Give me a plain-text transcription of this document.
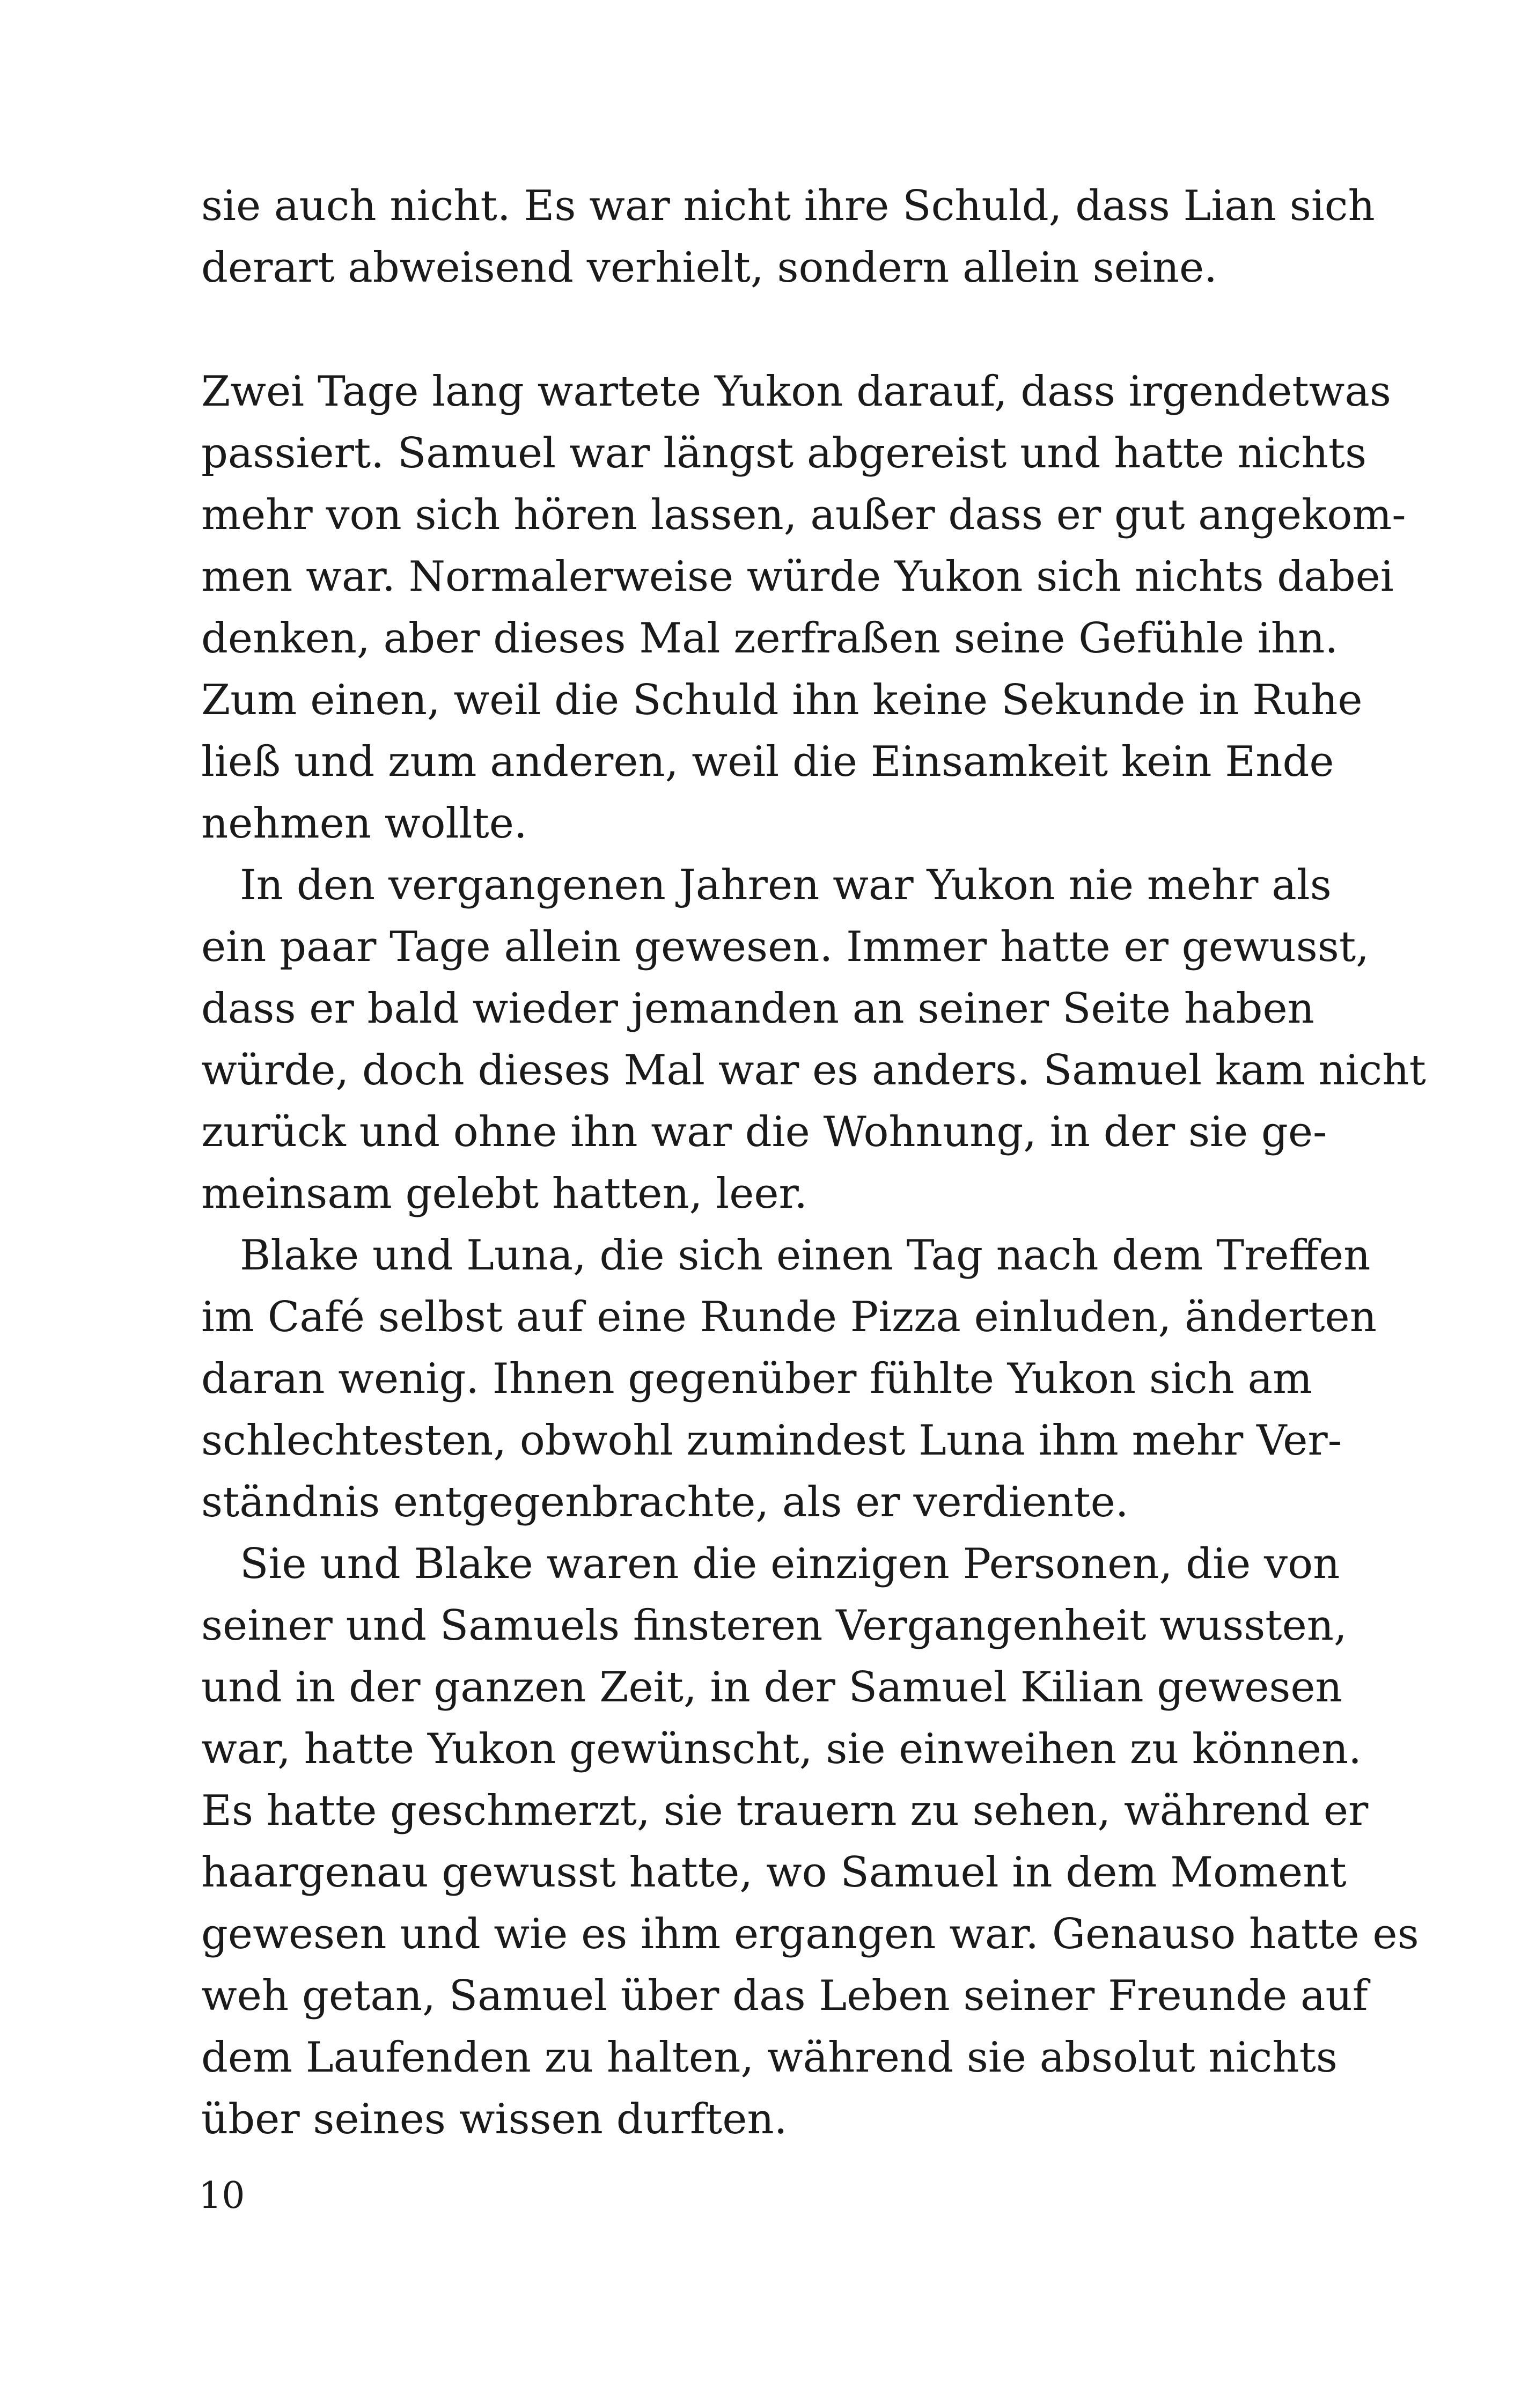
sie auch nicht. Es war nicht ihre Schuld, dass Lian sich
derart abweisend verhielt, sondern allein seine.
Zwei Tage lang wartete Yukon darauf, dass irgendetwas
passiert. Samuel war längst abgereist und hatte nichts
mehr von sich hören lassen, außer dass er gut angekom-
men war. Normalerweise würde Yukon sich nichts dabei
denken, aber dieses Mal zerfraßen seine Gefühle ihn.
Zum einen, weil die Schuld ihn keine Sekunde in Ruhe
ließ und zum anderen, weil die Einsamkeit kein Ende
nehmen wollte.
In den vergangenen Jahren war Yukon nie mehr als
ein paar Tage allein gewesen. Immer hatte er gewusst,
dass er bald wieder jemanden an seiner Seite haben
würde, doch dieses Mal war es anders. Samuel kam nicht
zurück und ohne ihn war die Wohnung, in der sie ge-
meinsam gelebt hatten, leer.
Blake und Luna, die sich einen Tag nach dem Treffen
im Café selbst auf eine Runde Pizza einluden, änderten
daran wenig. Ihnen gegenüber fühlte Yukon sich am
schlechtesten, obwohl zumindest Luna ihm mehr Ver-
ständnis entgegenbrachte, als er verdiente.
Sie und Blake waren die einzigen Personen, die von
seiner und Samuels finsteren Vergangenheit wussten,
und in der ganzen Zeit, in der Samuel Kilian gewesen
war, hatte Yukon gewünscht, sie einweihen zu können.
Es hatte geschmerzt, sie trauern zu sehen, während er
haargenau gewusst hatte, wo Samuel in dem Moment
gewesen und wie es ihm ergangen war. Genauso hatte es
weh getan, Samuel über das Leben seiner Freunde auf
dem Laufenden zu halten, während sie absolut nichts
über seines wissen durften.
10
